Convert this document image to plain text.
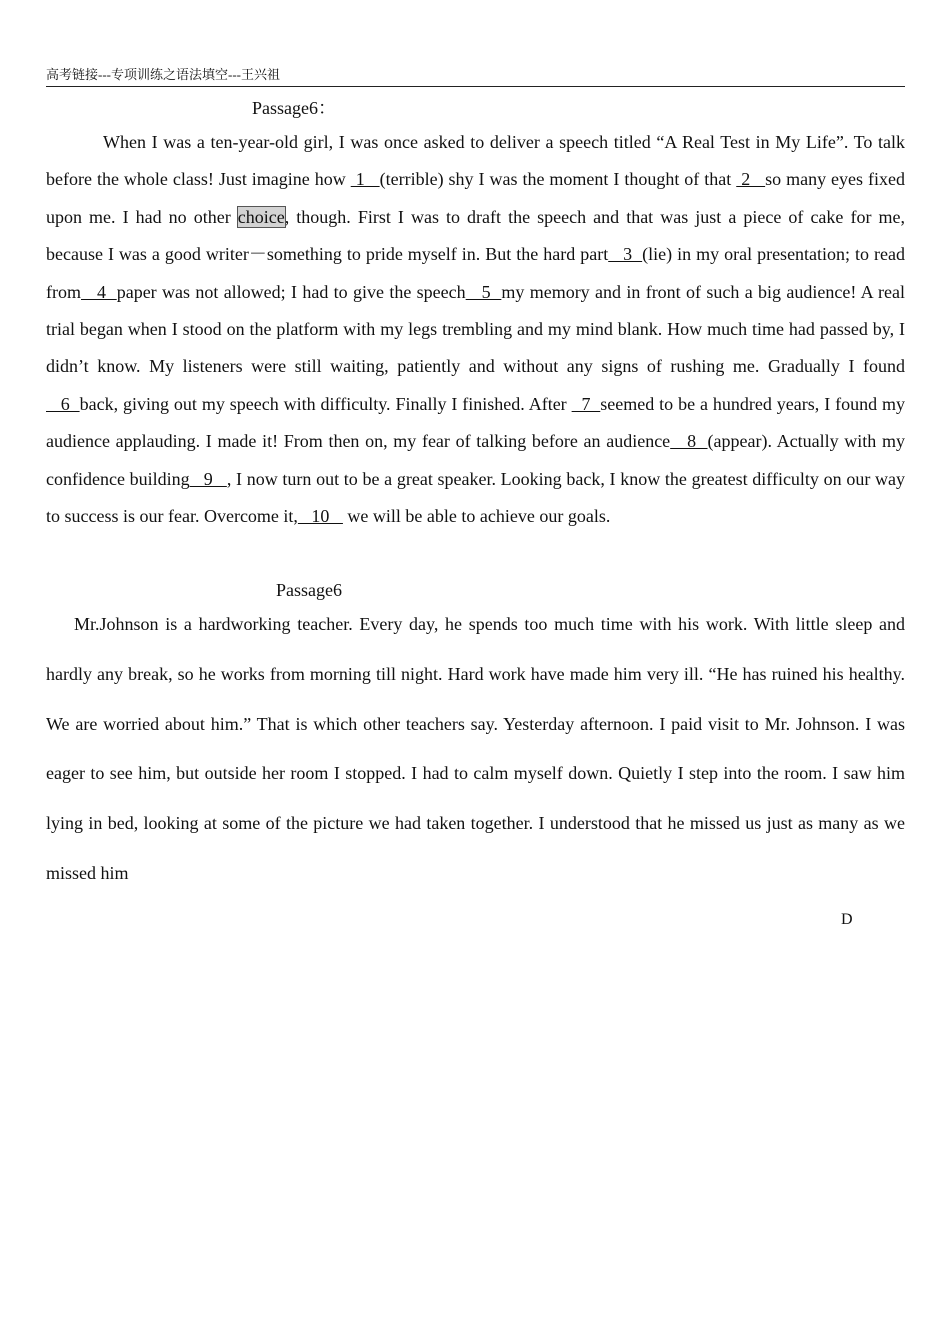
高考链接---专项训练之语法填空---王兴祖
Passage6：

When I was a ten-year-old girl, I was once asked to deliver a speech titled “A Real Test in My Life”. To talk before the whole class! Just imagine how  1   (terrible) shy I was the moment I thought of that  2   so many eyes fixed upon me. I had no other choice, though. First I was to draft the speech and that was just a piece of cake for me, because I was a good writer－something to pride myself in. But the hard part   3  (lie) in my oral presentation; to read from   4  paper was not allowed; I had to give the speech   5  my memory and in front of such a big audience! A real trial began when I stood on the platform with my legs trembling and my mind blank. How much time had passed by, I didn’t know. My listeners were still waiting, patiently and without any signs of rushing me. Gradually I found   6  back, giving out my speech with difficulty. Finally I finished. After   7  seemed to be a hundred years, I found my audience applauding. I made it! From then on, my fear of talking before an audience   8  (appear). Actually with my confidence building   9   , I now turn out to be a great speaker. Looking back, I know the greatest difficulty on our way to success is our fear. Overcome it,   10    we will be able to achieve our goals.

Passage6

Mr.Johnson is a hardworking teacher. Every day, he spends too much time with his work. With little sleep and hardly any break, so he works from morning till night. Hard work have made him very ill. “He has ruined his healthy. We are worried about him.” That is which other teachers say. Yesterday afternoon. I paid visit to Mr. Johnson. I was eager to see him, but outside her room I stopped. I had to calm myself down. Quietly I step into the room. I saw him lying in bed, looking at some of the picture we had taken together. I understood that he missed us just as many as we missed him

D
